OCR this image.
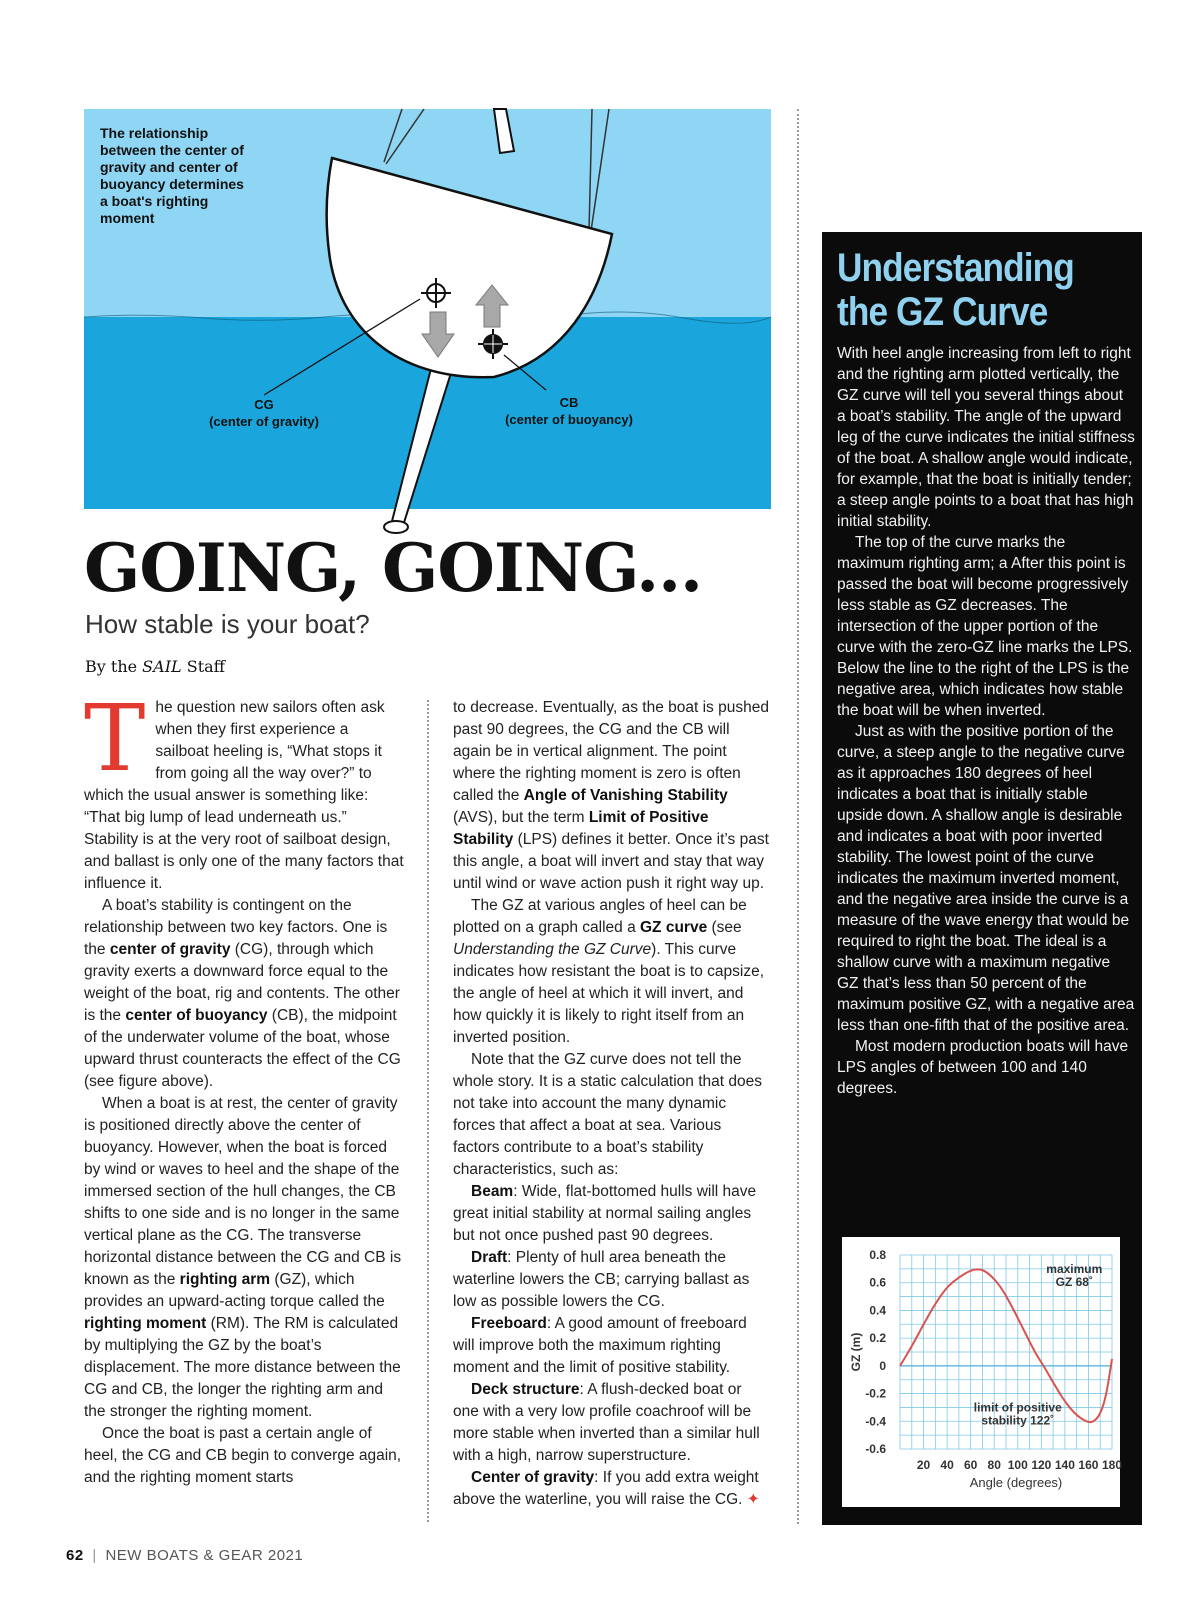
The relationship between the center of gravity and center of buoyancy determines a boat's righting moment
CG
(center of gravity)
CB
(center of buoyancy)
GOING, GOING...
How stable is your boat?
By the SAIL Staff

The question new sailors often ask when they first experience a sailboat heeling is, “What stops it from going all the way over?” to which the usual answer is something like: “That big lump of lead underneath us.” Stability is at the very root of sailboat design, and ballast is only one of the many factors that influence it.

A boat’s stability is contingent on the relationship between two key factors. One is the center of gravity (CG), through which gravity exerts a downward force equal to the weight of the boat, rig and contents. The other is the center of buoyancy (CB), the midpoint of the underwater volume of the boat, whose upward thrust counteracts the effect of the CG (see figure above).

When a boat is at rest, the center of gravity is positioned directly above the center of buoyancy. However, when the boat is forced by wind or waves to heel and the shape of the immersed section of the hull changes, the CB shifts to one side and is no longer in the same vertical plane as the CG. The transverse horizontal distance between the CG and CB is known as the righting arm (GZ), which provides an upward-acting torque called the righting moment (RM). The RM is calculated by multiplying the GZ by the boat’s displacement. The more distance between the CG and CB, the longer the righting arm and the stronger the righting moment.

Once the boat is past a certain angle of heel, the CG and CB begin to converge again, and the righting moment starts

to decrease. Eventually, as the boat is pushed past 90 degrees, the CG and the CB will again be in vertical alignment. The point where the righting moment is zero is often called the Angle of Vanishing Stability (AVS), but the term Limit of Positive Stability (LPS) defines it better. Once it’s past this angle, a boat will invert and stay that way until wind or wave action push it right way up.

The GZ at various angles of heel can be plotted on a graph called a GZ curve (see Understanding the GZ Curve). This curve indicates how resistant the boat is to capsize, the angle of heel at which it will invert, and how quickly it is likely to right itself from an inverted position.

Note that the GZ curve does not tell the whole story. It is a static calculation that does not take into account the many dynamic forces that affect a boat at sea. Various factors contribute to a boat’s stability characteristics, such as:

Beam: Wide, flat-bottomed hulls will have great initial stability at normal sailing angles but not once pushed past 90 degrees.

Draft: Plenty of hull area beneath the waterline lowers the CB; carrying ballast as low as possible lowers the CG.

Freeboard: A good amount of freeboard will improve both the maximum righting moment and the limit of positive stability.

Deck structure: A flush-decked boat or one with a very low profile coachroof will be more stable when inverted than a similar hull with a high, narrow superstructure.

Center of gravity: If you add extra weight above the waterline, you will raise the CG. ✦

Understanding
the GZ Curve

With heel angle increasing from left to right and the righting arm plotted vertically, the GZ curve will tell you several things about a boat’s stability. The angle of the upward leg of the curve indicates the initial stiffness of the boat. A shallow angle would indicate, for example, that the boat is initially tender; a steep angle points to a boat that has high initial stability.

The top of the curve marks the maximum righting arm; a After this point is passed the boat will become progressively less stable as GZ decreases. The intersection of the upper portion of the curve with the zero-GZ line marks the LPS. Below the line to the right of the LPS is the negative area, which indicates how stable the boat will be when inverted.

Just as with the positive portion of the curve, a steep angle to the negative curve as it approaches 180 degrees of heel indicates a boat that is initially stable upside down. A shallow angle is desirable and indicates a boat with poor inverted stability. The lowest point of the curve indicates the maximum inverted moment, and the negative area inside the curve is a measure of the wave energy that would be required to right the boat. The ideal is a shallow curve with a maximum negative GZ that’s less than 50 percent of the maximum positive GZ, with a negative area less than one-fifth that of the positive area.

Most modern production boats will have LPS angles of between 100 and 140 degrees.

0.8
0.6
0.4
0.2
0
-0.2
-0.4
-0.6
20 40 60 80 100 120 140 160 180
Angle (degrees)
GZ (m)
maximum
GZ 68˚
limit of positive
stability 122˚
62 | NEW BOATS & GEAR 2021
